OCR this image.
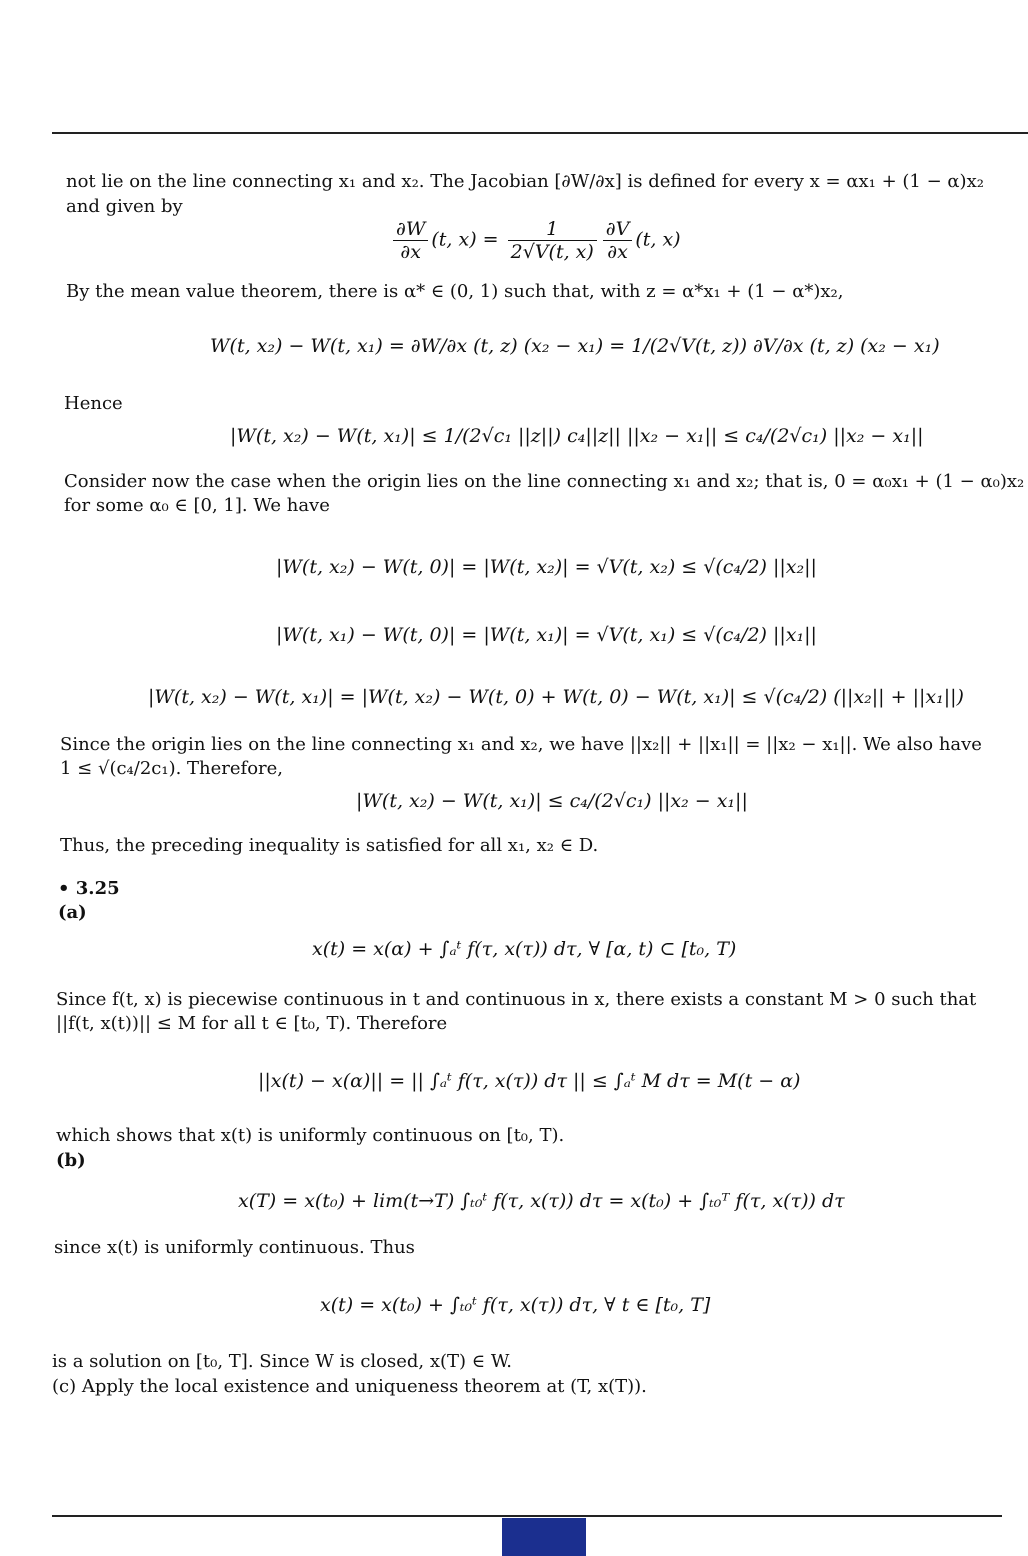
not lie on the line connecting x₁ and x₂. The Jacobian [∂W/∂x] is defined for every x = αx₁ + (1 − α)x₂
and given by
$\frac{\partial W}{\partial x} (t$, $x) = \frac{1}{2√V(t, x)} \frac{\partial V}{\partial x} (t$, x)
By the mean value theorem, there is α* ∈ (0, 1) such that, with z = α*x₁ + (1 − α*)x₂,
W(t, x₂) − W(t, x₁) = ∂W/∂x (t, z) (x₂ − x₁) = 1/(2√V(t, z)) ∂V/∂x (t, z) (x₂ − x₁)
Hence
|W(t, x₂) − W(t, x₁)| ≤ 1/(2√c₁ ||z||) c₄||z|| ||x₂ − x₁|| ≤ c₄/(2√c₁) ||x₂ − x₁||
Consider now the case when the origin lies on the line connecting x₁ and x₂; that is, 0 = α₀x₁ + (1 − α₀)x₂
for some α₀ ∈ [0, 1]. We have
|W(t, x₂) − W(t, 0)| = |W(t, x₂)| = √V(t, x₂) ≤ √(c₄/2) ||x₂||
|W(t, x₁) − W(t, 0)| = |W(t, x₁)| = √V(t, x₁) ≤ √(c₄/2) ||x₁||
|W(t, x₂) − W(t, x₁)| = |W(t, x₂) − W(t, 0) + W(t, 0) − W(t, x₁)| ≤ √(c₄/2) (||x₂|| + ||x₁||)
Since the origin lies on the line connecting x₁ and x₂, we have ||x₂|| + ||x₁|| = ||x₂ − x₁||. We also have
1 ≤ √(c₄/2c₁). Therefore,
|W(t, x₂) − W(t, x₁)| ≤ c₄/(2√c₁) ||x₂ − x₁||
Thus, the preceding inequality is satisfied for all x₁, x₂ ∈ D.
• 3.25
(a)
x(t) = x(α) + ∫ₐᵗ f(τ, x(τ)) dτ, ∀ [α, t) ⊂ [t₀, T)
Since f(t, x) is piecewise continuous in t and continuous in x, there exists a constant M > 0 such that
||f(t, x(t))|| ≤ M for all t ∈ [t₀, T). Therefore
||x(t) − x(α)|| = || ∫ₐᵗ f(τ, x(τ)) dτ || ≤ ∫ₐᵗ M dτ = M(t − α)
which shows that x(t) is uniformly continuous on [t₀, T).
(b)
x(T) = x(t₀) + lim(t→T) ∫ₜ₀ᵗ f(τ, x(τ)) dτ = x(t₀) + ∫ₜ₀ᵀ f(τ, x(τ)) dτ
since x(t) is uniformly continuous. Thus
x(t) = x(t₀) + ∫ₜ₀ᵗ f(τ, x(τ)) dτ, ∀ t ∈ [t₀, T]
is a solution on [t₀, T]. Since W is closed, x(T) ∈ W.
(c) Apply the local existence and uniqueness theorem at (T, x(T)).
